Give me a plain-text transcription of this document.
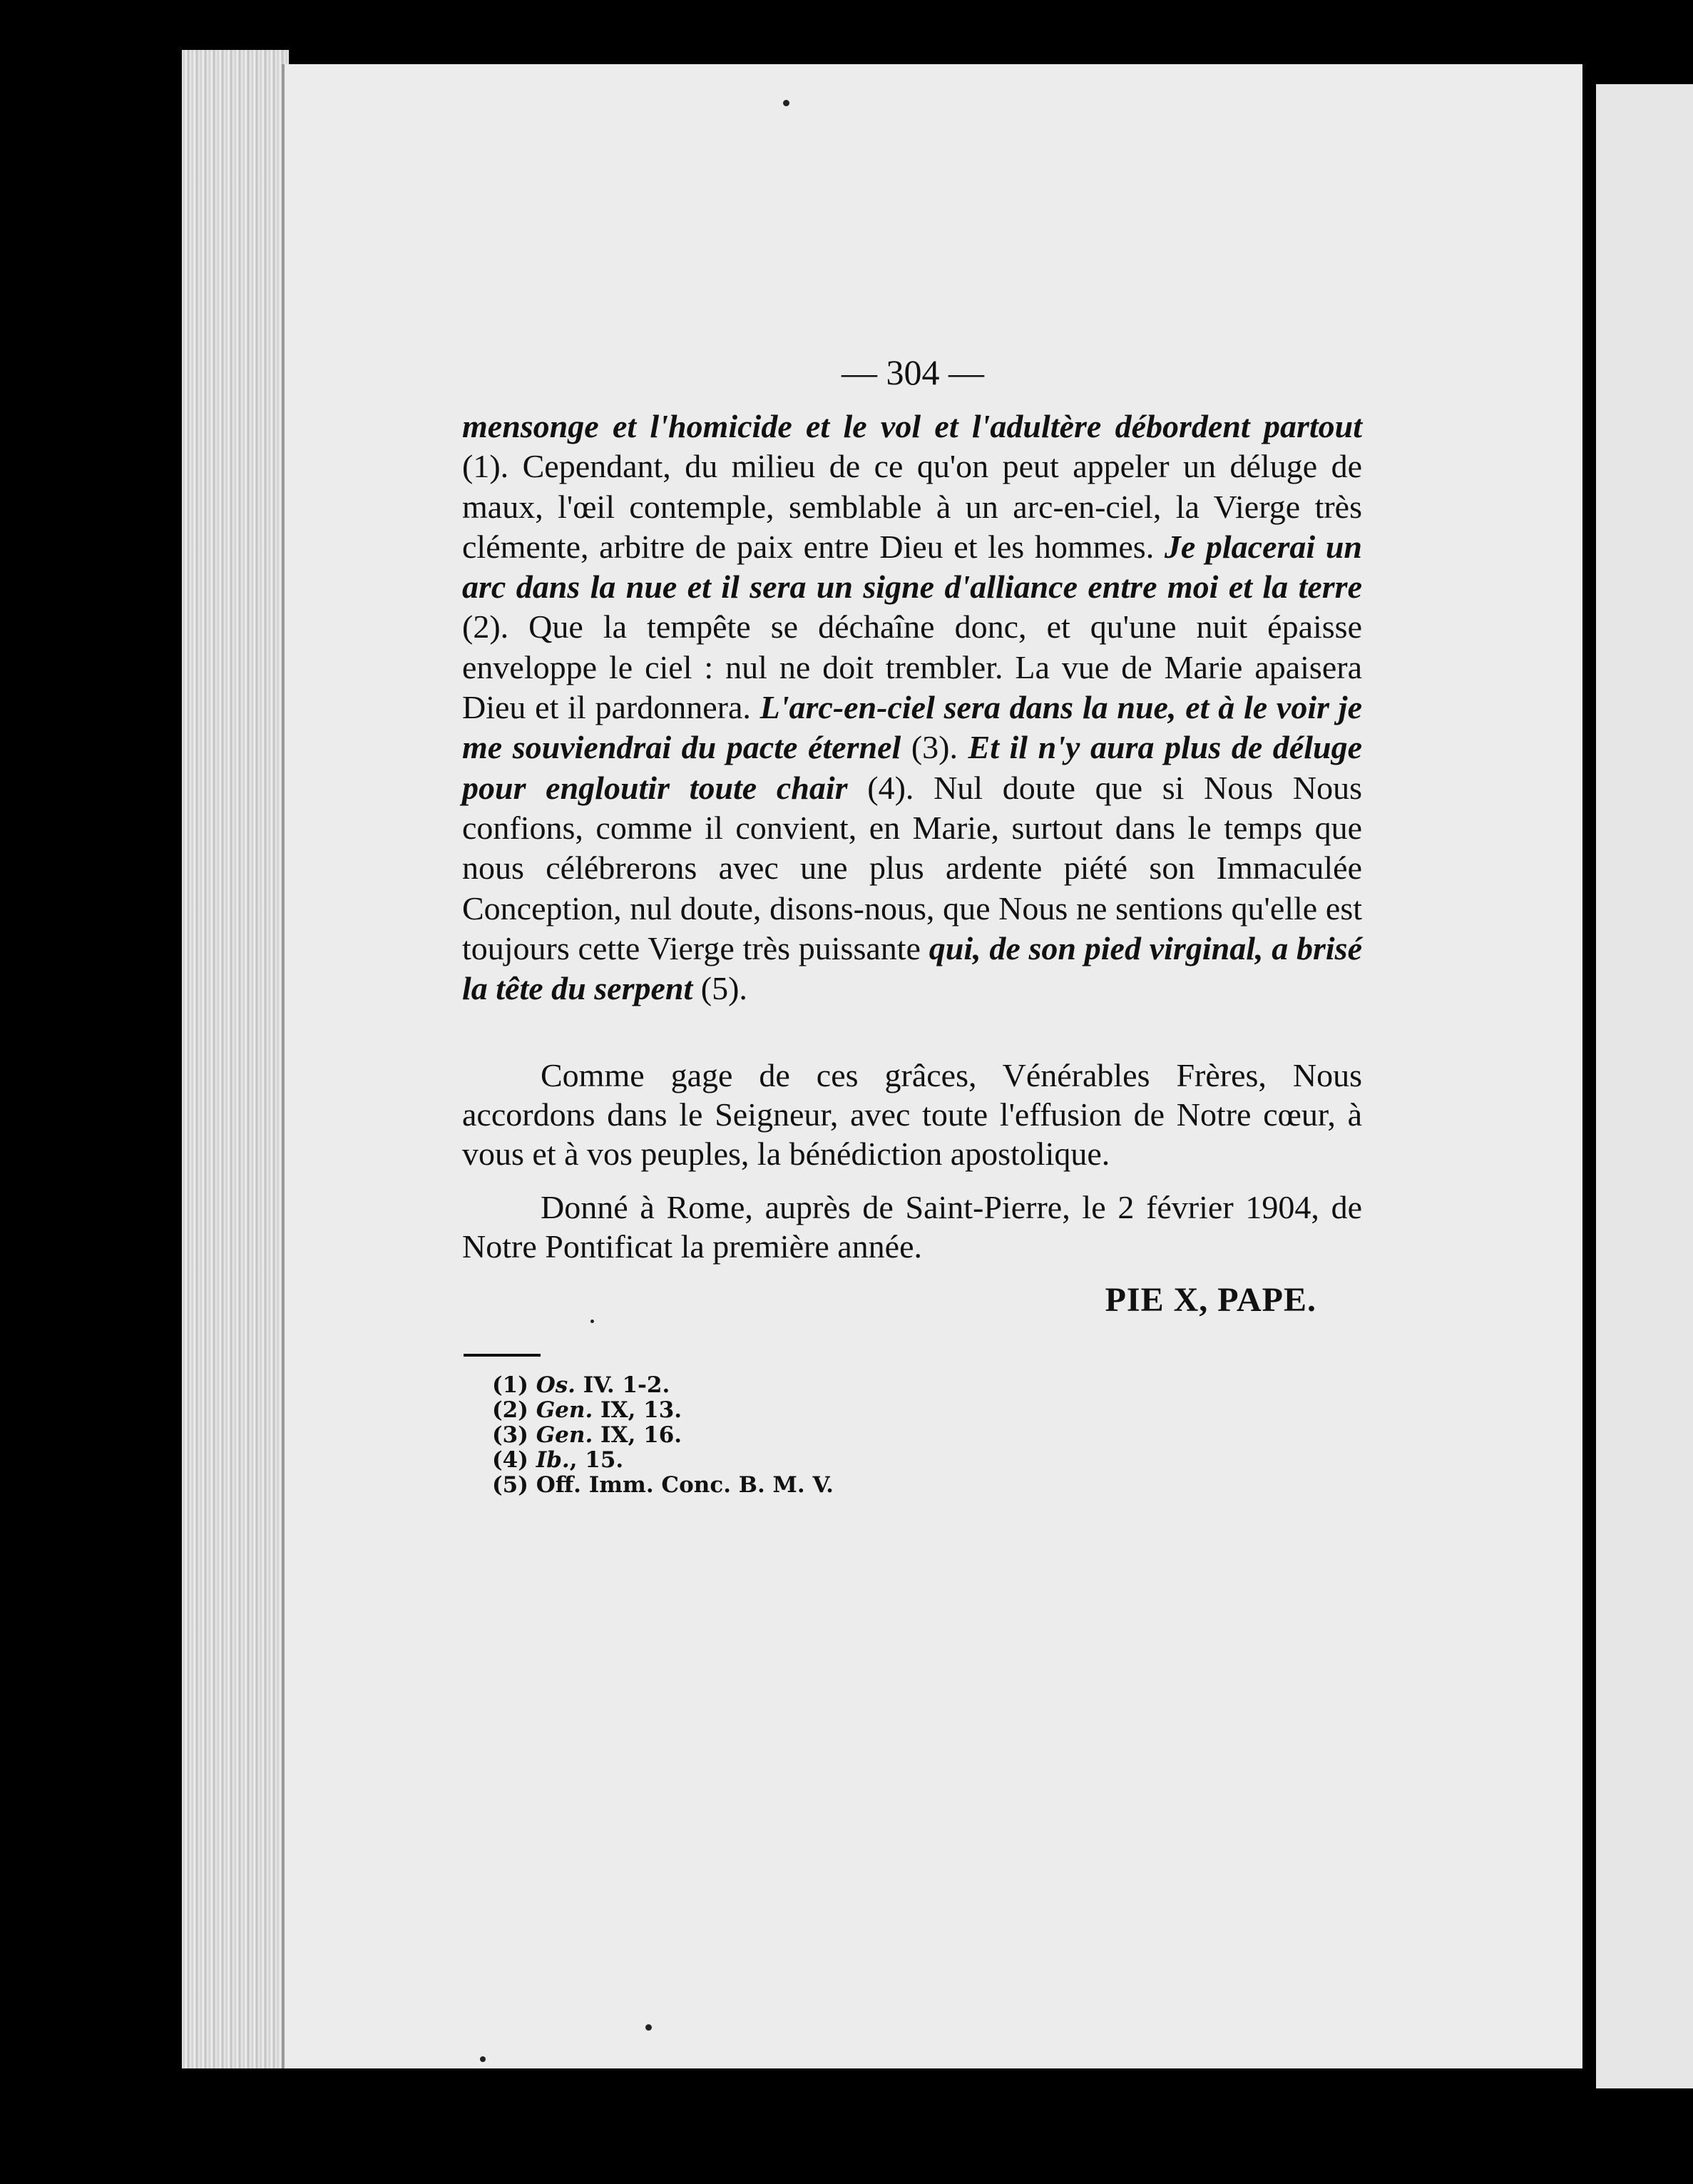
— 304 —

mensonge et l'homicide et le vol et l'adultère débordent partout (1). Cependant, du milieu de ce qu'on peut appeler un déluge de maux, l'œil contemple, semblable à un arc-en-ciel, la Vierge très clémente, arbitre de paix entre Dieu et les hommes. Je placerai un arc dans la nue et il sera un signe d'alliance entre moi et la terre (2). Que la tempête se déchaîne donc, et qu'une nuit épaisse enveloppe le ciel : nul ne doit trembler. La vue de Marie apaisera Dieu et il pardonnera. L'arc-en-ciel sera dans la nue, et à le voir je me souviendrai du pacte éternel (3). Et il n'y aura plus de déluge pour engloutir toute chair (4). Nul doute que si Nous Nous confions, comme il convient, en Marie, surtout dans le temps que nous célébrerons avec une plus ardente piété son Immaculée Conception, nul doute, disons-nous, que Nous ne sentions qu'elle est toujours cette Vierge très puissante qui, de son pied virginal, a brisé la tête du serpent (5).

Comme gage de ces grâces, Vénérables Frères, Nous accordons dans le Seigneur, avec toute l'effusion de Notre cœur, à vous et à vos peuples, la bénédiction apostolique.
Donné à Rome, auprès de Saint-Pierre, le 2 février 1904, de Notre Pontificat la première année.
PIE X, PAPE.
(1) Os. IV. 1-2.
(2) Gen. IX, 13.
(3) Gen. IX, 16.
(4) Ib., 15.
(5) Off. Imm. Conc. B. M. V.
